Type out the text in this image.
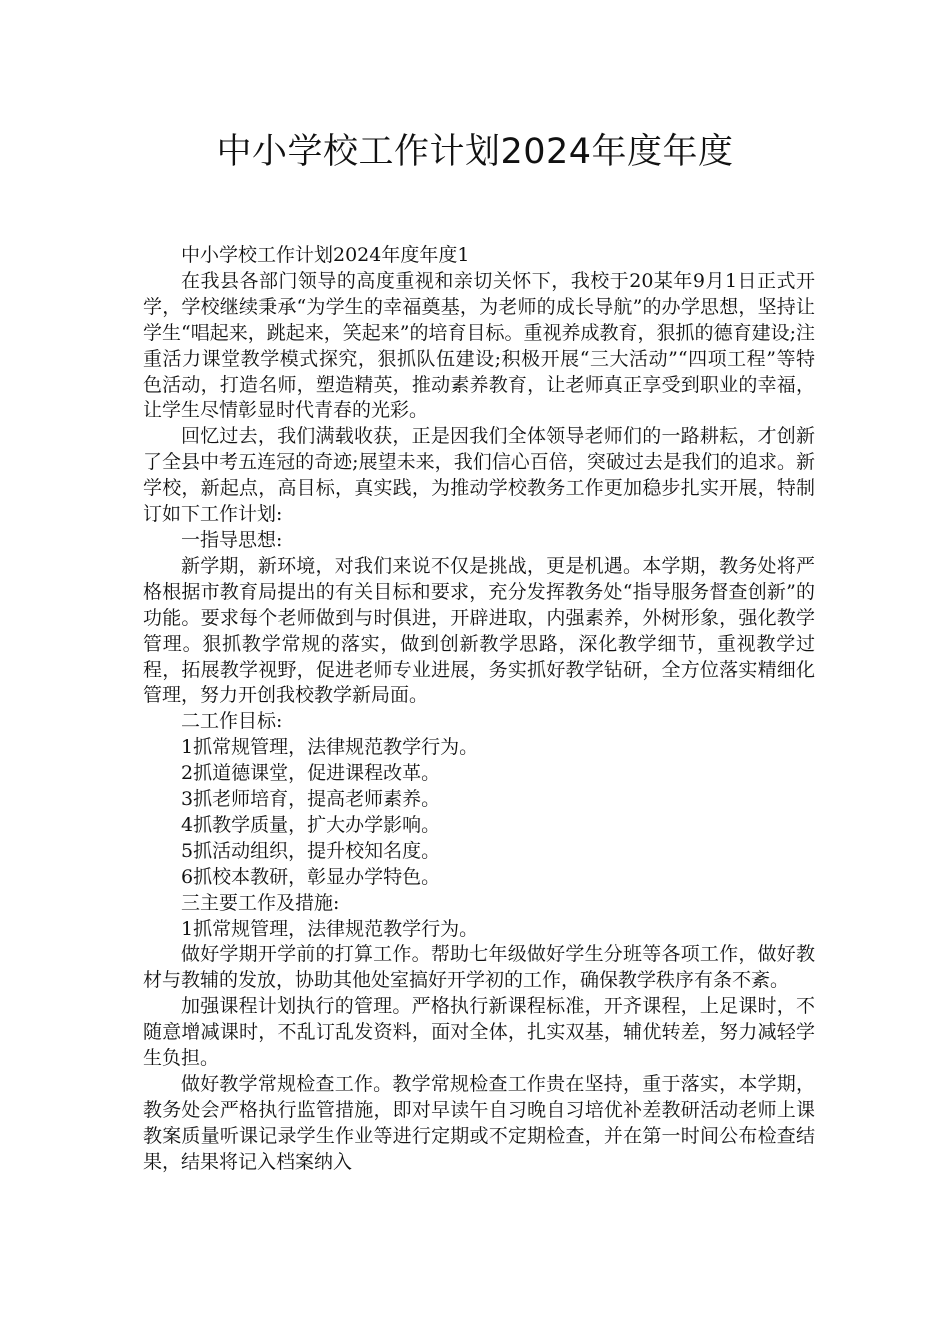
中小学校工作计划2024年度年度

中小学校工作计划2024年度年度1

在我县各部门领导的高度重视和亲切关怀下，我校于20某年9月1日正式开学，学校继续秉承“为学生的幸福奠基，为老师的成长导航”的办学思想，坚持让学生“唱起来，跳起来，笑起来”的培育目标。重视养成教育，狠抓的德育建设;注重活力课堂教学模式探究，狠抓队伍建设;积极开展“三大活动”“四项工程”等特色活动，打造名师，塑造精英，推动素养教育，让老师真正享受到职业的幸福，让学生尽情彰显时代青春的光彩。

回忆过去，我们满载收获，正是因我们全体领导老师们的一路耕耘，才创新了全县中考五连冠的奇迹;展望未来，我们信心百倍，突破过去是我们的追求。新学校，新起点，高目标，真实践，为推动学校教务工作更加稳步扎实开展，特制订如下工作计划:

一指导思想:

新学期，新环境，对我们来说不仅是挑战，更是机遇。本学期，教务处将严格根据市教育局提出的有关目标和要求，充分发挥教务处“指导服务督查创新”的功能。要求每个老师做到与时俱进，开辟进取，内强素养，外树形象，强化教学管理。狠抓教学常规的落实，做到创新教学思路，深化教学细节，重视教学过程，拓展教学视野，促进老师专业进展，务实抓好教学钻研，全方位落实精细化管理，努力开创我校教学新局面。

二工作目标:

1抓常规管理，法律规范教学行为。

2抓道德课堂，促进课程改革。

3抓老师培育，提高老师素养。

4抓教学质量，扩大办学影响。

5抓活动组织，提升校知名度。

6抓校本教研，彰显办学特色。

三主要工作及措施:

1抓常规管理，法律规范教学行为。

做好学期开学前的打算工作。帮助七年级做好学生分班等各项工作，做好教材与教辅的发放，协助其他处室搞好开学初的工作，确保教学秩序有条不紊。

加强课程计划执行的管理。严格执行新课程标准，开齐课程，上足课时，不随意增减课时，不乱订乱发资料，面对全体，扎实双基，辅优转差，努力减轻学生负担。

做好教学常规检查工作。教学常规检查工作贵在坚持，重于落实，本学期，教务处会严格执行监管措施，即对早读午自习晚自习培优补差教研活动老师上课教案质量听课记录学生作业等进行定期或不定期检查，并在第一时间公布检查结果，结果将记入档案纳入
